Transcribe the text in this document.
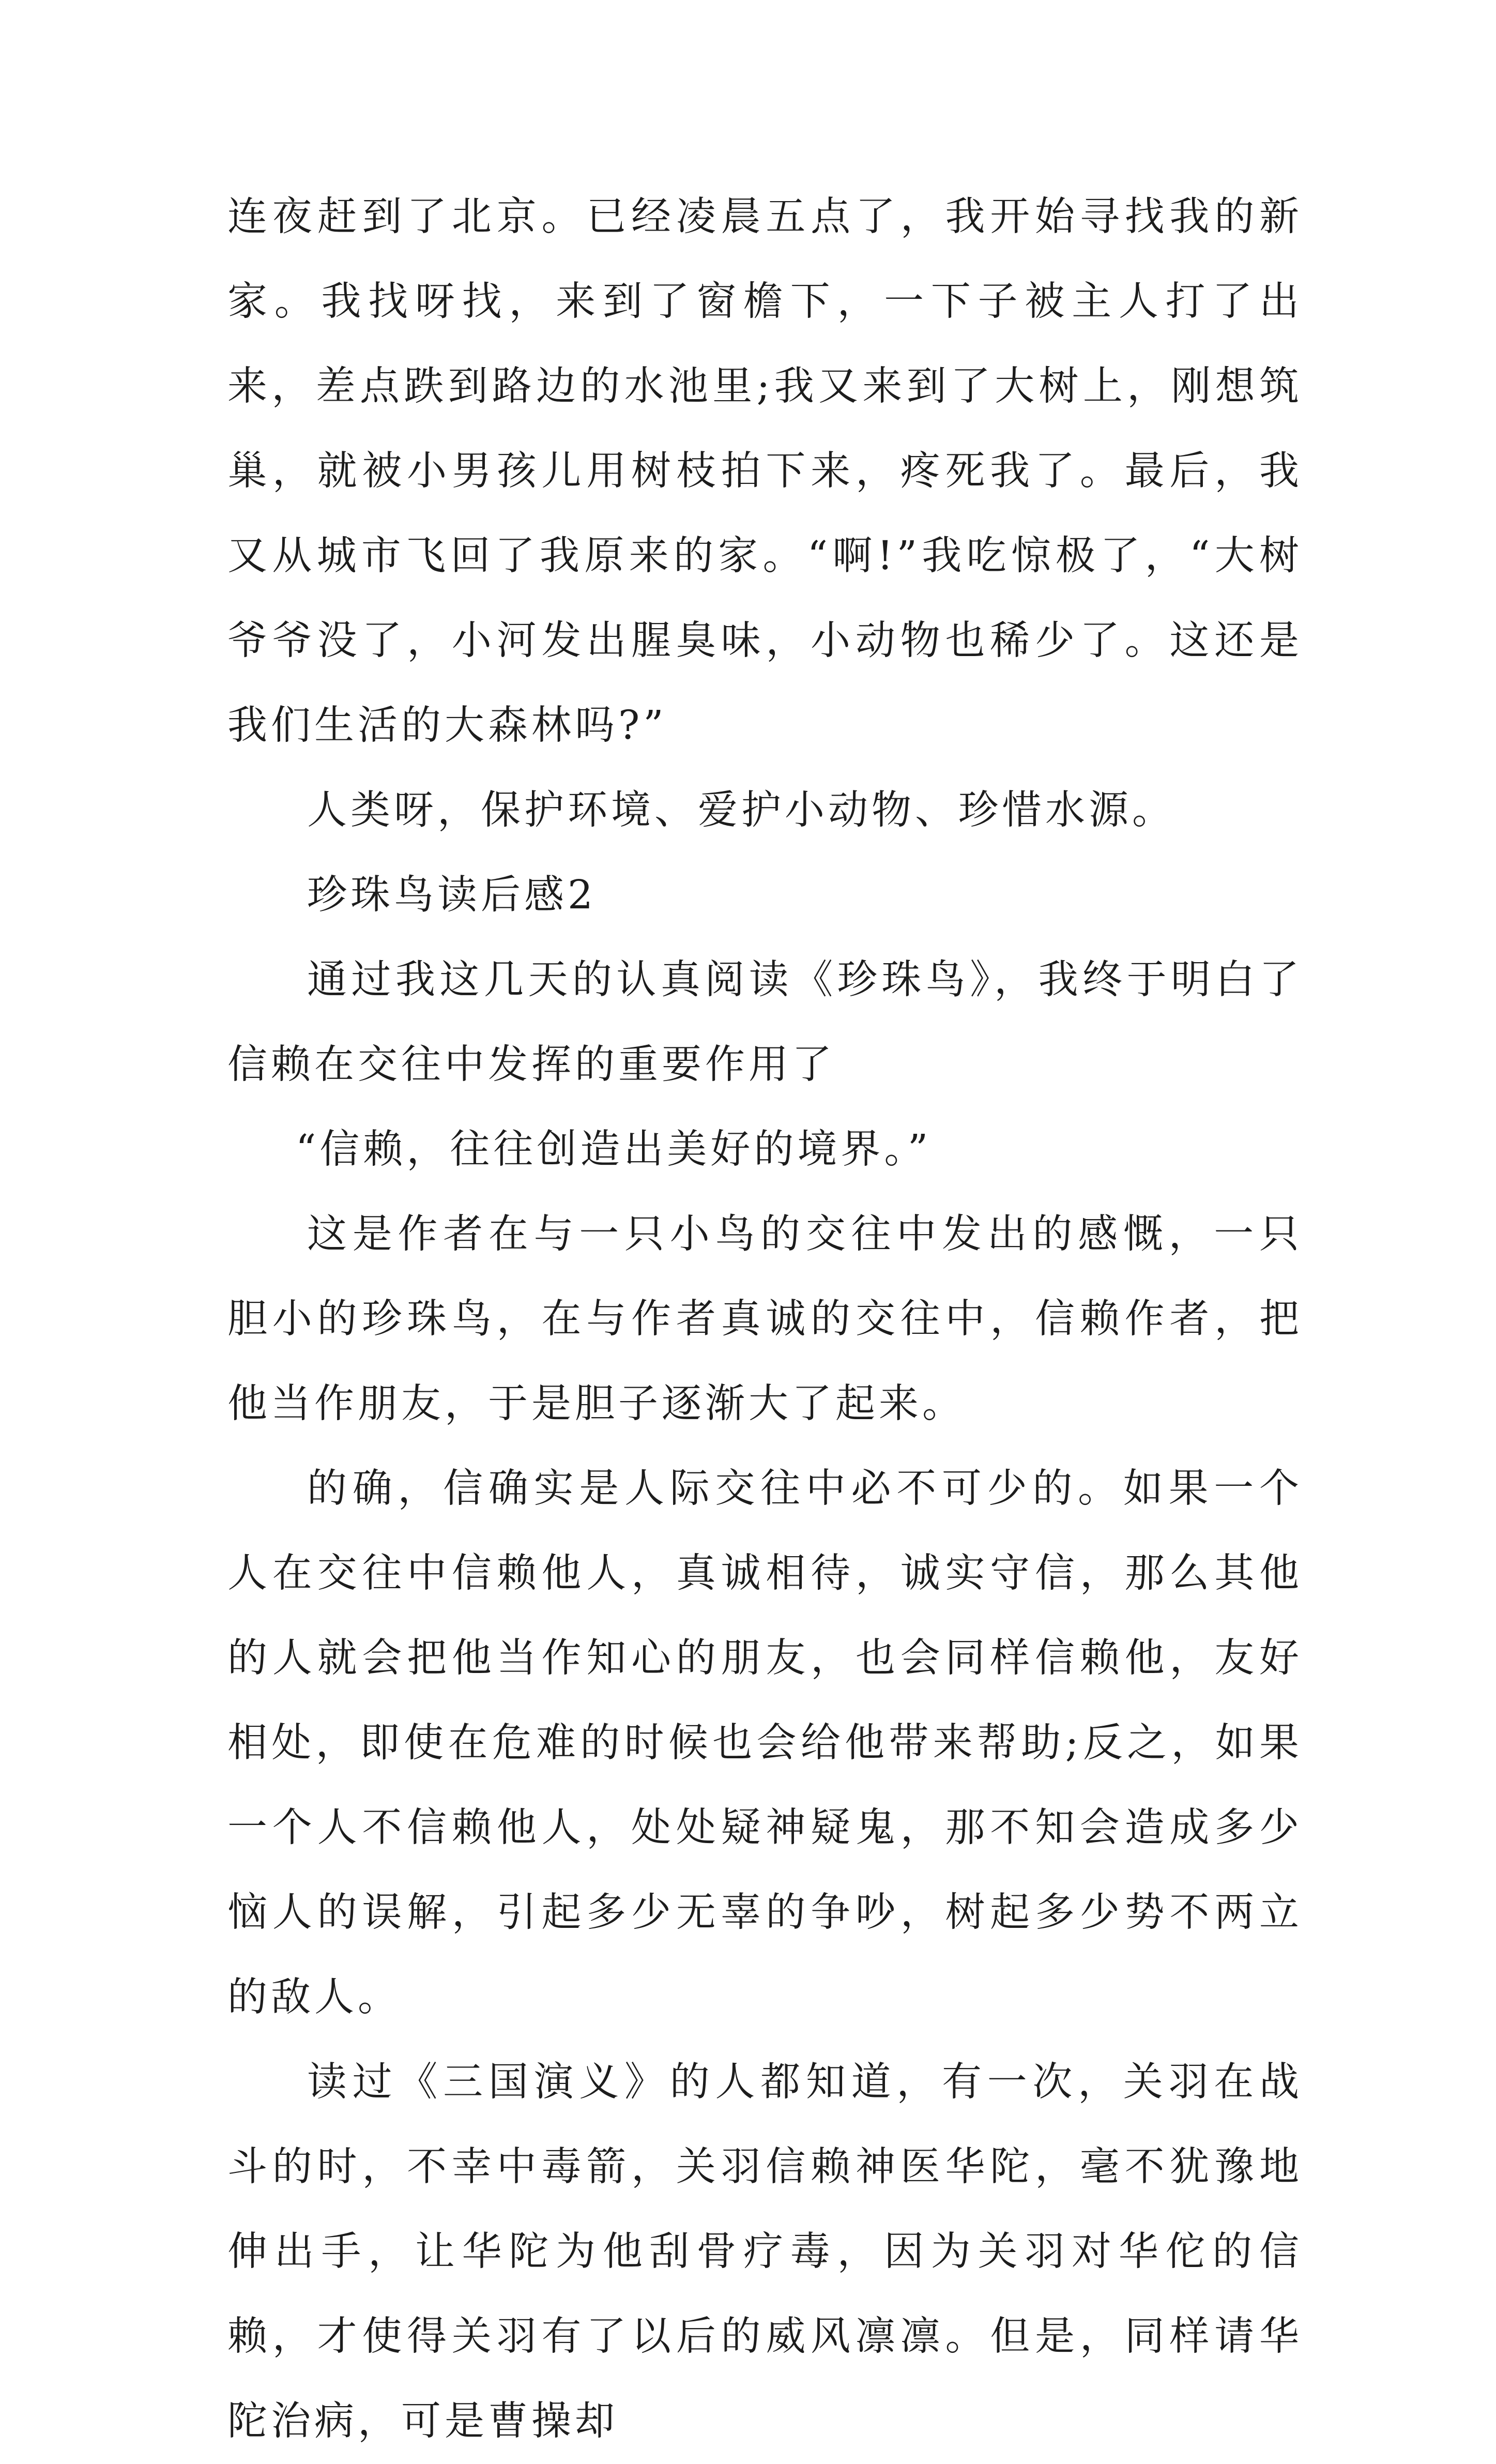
连夜赶到了北京。已经凌晨五点了，我开始寻找我的新家。我找呀找，来到了窗檐下，一下子被主人打了出来，差点跌到路边的水池里;我又来到了大树上，刚想筑巢，就被小男孩儿用树枝拍下来，疼死我了。最后，我又从城市飞回了我原来的家。“啊!”我吃惊极了，“大树爷爷没了，小河发出腥臭味，小动物也稀少了。这还是我们生活的大森林吗?”

人类呀，保护环境、爱护小动物、珍惜水源。

珍珠鸟读后感2

通过我这几天的认真阅读《珍珠鸟》，我终于明白了信赖在交往中发挥的重要作用了

“信赖，往往创造出美好的境界。”

这是作者在与一只小鸟的交往中发出的感慨，一只胆小的珍珠鸟，在与作者真诚的交往中，信赖作者，把他当作朋友，于是胆子逐渐大了起来。

的确，信确实是人际交往中必不可少的。如果一个人在交往中信赖他人，真诚相待，诚实守信，那么其他的人就会把他当作知心的朋友，也会同样信赖他，友好相处，即使在危难的时候也会给他带来帮助;反之，如果一个人不信赖他人，处处疑神疑鬼，那不知会造成多少恼人的误解，引起多少无辜的争吵，树起多少势不两立的敌人。

读过《三国演义》的人都知道，有一次，关羽在战斗的时，不幸中毒箭，关羽信赖神医华陀，毫不犹豫地伸出手，让华陀为他刮骨疗毒，因为关羽对华佗的信赖，才使得关羽有了以后的威风凛凛。但是，同样请华陀治病，可是曹操却
